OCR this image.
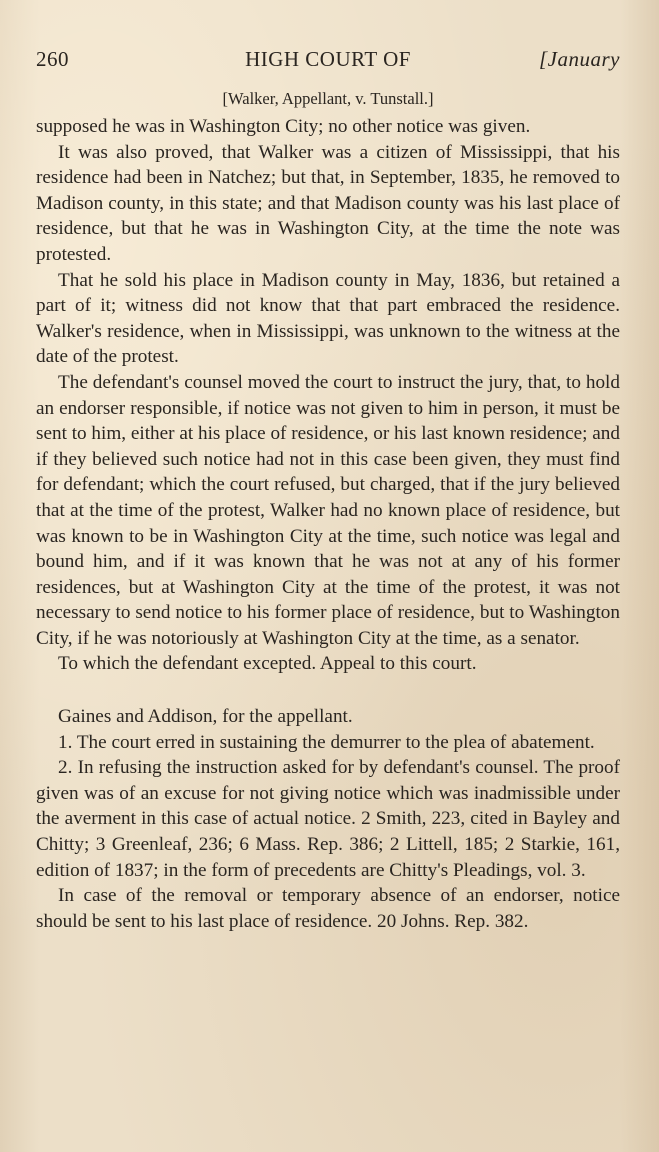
260	HIGH COURT OF	[January
[Walker, Appellant, v. Tunstall.]

supposed he was in Washington City; no other notice was given.

It was also proved, that Walker was a citizen of Mississippi, that his residence had been in Natchez; but that, in September, 1835, he removed to Madison county, in this state; and that Madison county was his last place of residence, but that he was in Washington City, at the time the note was protested.

That he sold his place in Madison county in May, 1836, but retained a part of it; witness did not know that that part embraced the residence. Walker's residence, when in Mississippi, was unknown to the witness at the date of the protest.

The defendant's counsel moved the court to instruct the jury, that, to hold an endorser responsible, if notice was not given to him in person, it must be sent to him, either at his place of residence, or his last known residence; and if they believed such notice had not in this case been given, they must find for defendant; which the court refused, but charged, that if the jury believed that at the time of the protest, Walker had no known place of residence, but was known to be in Washington City at the time, such notice was legal and bound him, and if it was known that he was not at any of his former residences, but at Washington City at the time of the protest, it was not necessary to send notice to his former place of residence, but to Washington City, if he was notoriously at Washington City at the time, as a senator.

To which the defendant excepted. Appeal to this court.

Gaines and Addison, for the appellant.

1. The court erred in sustaining the demurrer to the plea of abatement.

2. In refusing the instruction asked for by defendant's counsel. The proof given was of an excuse for not giving notice which was inadmissible under the averment in this case of actual notice. 2 Smith, 223, cited in Bayley and Chitty; 3 Greenleaf, 236; 6 Mass. Rep. 386; 2 Littell, 185; 2 Starkie, 161, edition of 1837; in the form of precedents are Chitty's Pleadings, vol. 3.

In case of the removal or temporary absence of an endorser, notice should be sent to his last place of residence. 20 Johns. Rep. 382.
